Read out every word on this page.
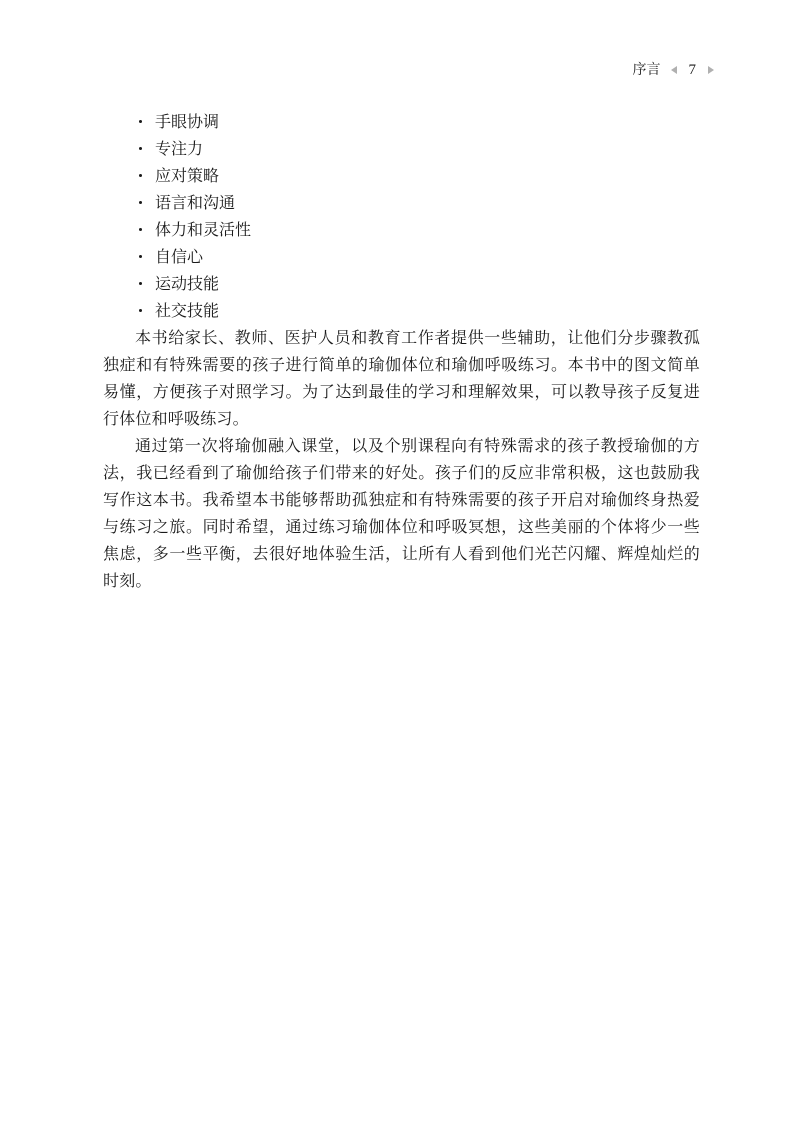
序言 7
手眼协调
专注力
应对策略
语言和沟通
体力和灵活性
自信心
运动技能
社交技能

本书给家长、教师、医护人员和教育工作者提供一些辅助，让他们分步骤教孤独症和有特殊需要的孩子进行简单的瑜伽体位和瑜伽呼吸练习。本书中的图文简单易懂，方便孩子对照学习。为了达到最佳的学习和理解效果，可以教导孩子反复进行体位和呼吸练习。

通过第一次将瑜伽融入课堂，以及个别课程向有特殊需求的孩子教授瑜伽的方法，我已经看到了瑜伽给孩子们带来的好处。孩子们的反应非常积极，这也鼓励我写作这本书。我希望本书能够帮助孤独症和有特殊需要的孩子开启对瑜伽终身热爱与练习之旅。同时希望，通过练习瑜伽体位和呼吸冥想，这些美丽的个体将少一些焦虑，多一些平衡，去很好地体验生活，让所有人看到他们光芒闪耀、辉煌灿烂的时刻。
